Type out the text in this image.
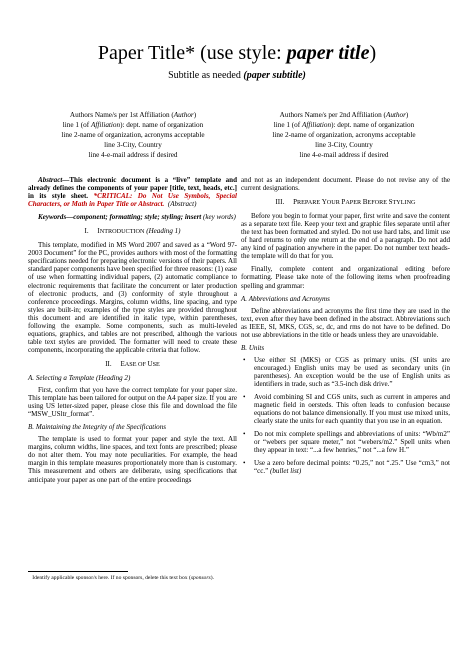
Paper Title* (use style: paper title)
Subtitle as needed (paper subtitle)
Authors Name/s per 1st Affiliation (Author)
line 1 (of Affiliation): dept. name of organization
line 2-name of organization, acronyms acceptable
line 3-City, Country
line 4-e-mail address if desired
Authors Name/s per 2nd Affiliation (Author)
line 1 (of Affiliation): dept. name of organization
line 2-name of organization, acronyms acceptable
line 3-City, Country
line 4-e-mail address if desired

Abstract—This electronic document is a “live” template and already defines the components of your paper [title, text, heads, etc.] in its style sheet. *CRITICAL: Do Not Use Symbols, Special Characters, or Math in Paper Title or Abstract.  (Abstract)

Keywords—component; formatting; style; styling; insert (key words)

I. INTRODUCTION (Heading 1)

This template, modified in MS Word 2007 and saved as a “Word 97-2003 Document” for the PC, provides authors with most of the formatting specifications needed for preparing electronic versions of their papers. All standard paper components have been specified for three reasons: (1) ease of use when formatting individual papers, (2) automatic compliance to electronic requirements that facilitate the concurrent or later production of electronic products, and (3) conformity of style throughout a conference proceedings. Margins, column widths, line spacing, and type styles are built-in; examples of the type styles are provided throughout this document and are identified in italic type, within parentheses, following the example. Some components, such as multi-leveled equations, graphics, and tables are not prescribed, although the various table text styles are provided. The formatter will need to create these components, incorporating the applicable criteria that follow.

II. EASE OF USE
A. Selecting a Template (Heading 2)

First, confirm that you have the correct template for your paper size. This template has been tailored for output on the A4 paper size. If you are using US letter-sized paper, please close this file and download the file “MSW_USltr_format”.

B. Maintaining the Integrity of the Specifications

The template is used to format your paper and style the text. All margins, column widths, line spaces, and text fonts are prescribed; please do not alter them. You may note peculiarities. For example, the head margin in this template measures proportionately more than is customary. This measurement and others are deliberate, using specifications that anticipate your paper as one part of the entire proceedings

Identify applicable sponsor/s here. If no sponsors, delete this text box (sponsors).

and not as an independent document. Please do not revise any of the current designations.

III. PREPARE YOUR PAPER BEFORE STYLING

Before you begin to format your paper, first write and save the content as a separate text file. Keep your text and graphic files separate until after the text has been formatted and styled. Do not use hard tabs, and limit use of hard returns to only one return at the end of a paragraph. Do not add any kind of pagination anywhere in the paper. Do not number text heads-the template will do that for you.

Finally, complete content and organizational editing before formatting. Please take note of the following items when proofreading spelling and grammar:

A. Abbreviations and Acronyms

Define abbreviations and acronyms the first time they are used in the text, even after they have been defined in the abstract. Abbreviations such as IEEE, SI, MKS, CGS, sc, dc, and rms do not have to be defined. Do not use abbreviations in the title or heads unless they are unavoidable.

B. Units
• Use either SI (MKS) or CGS as primary units. (SI units are encouraged.) English units may be used as secondary units (in parentheses). An exception would be the use of English units as identifiers in trade, such as “3.5-inch disk drive.”
• Avoid combining SI and CGS units, such as current in amperes and magnetic field in oersteds. This often leads to confusion because equations do not balance dimensionally. If you must use mixed units, clearly state the units for each quantity that you use in an equation.
• Do not mix complete spellings and abbreviations of units: “Wb/m2” or “webers per square meter,” not “webers/m2.” Spell units when they appear in text: “...a few henries,” not “...a few H.”
• Use a zero before decimal points: “0.25,” not “.25.” Use “cm3,” not “cc.” (bullet list)
